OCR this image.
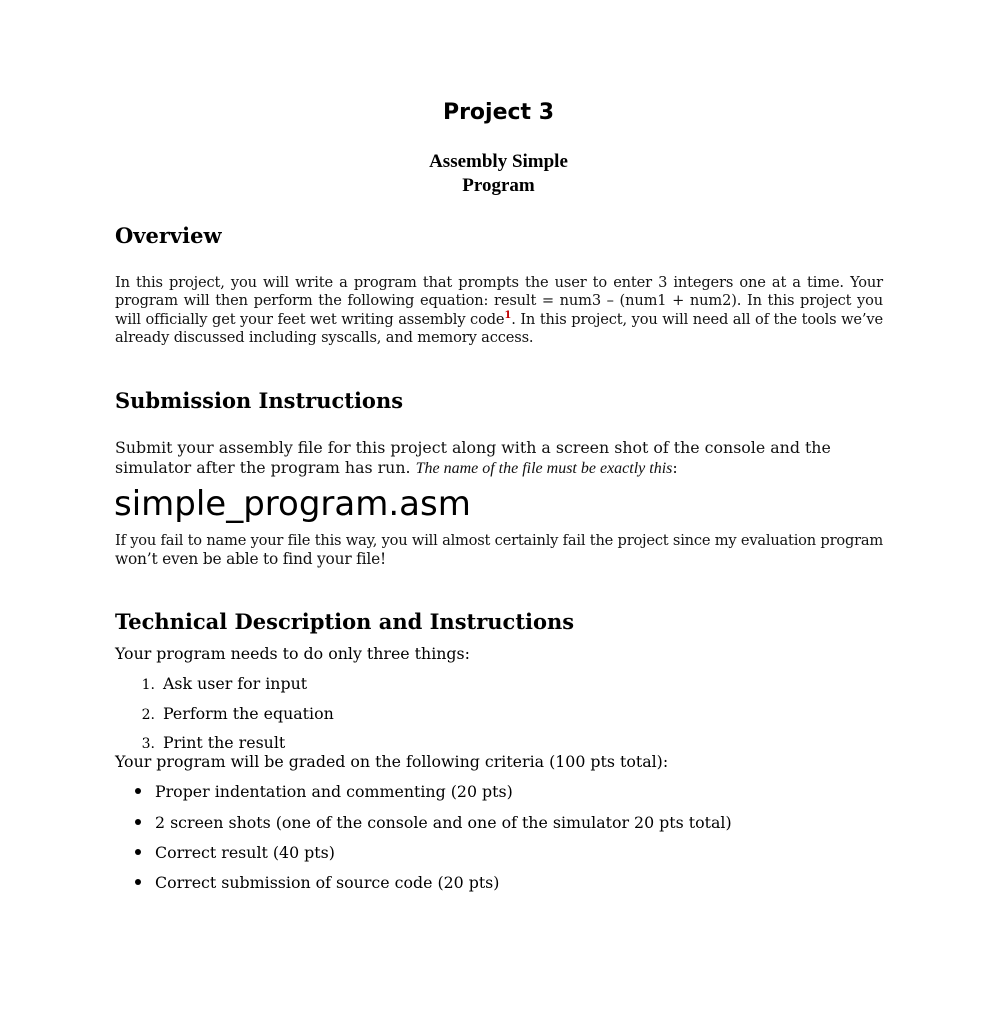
Project 3
Assembly Simple
Program
Overview
In this project, you will write a program that prompts the user to enter 3 integers one at a time. Your
program will then perform the following equation: result = num3 – (num1 + num2). In this project you
will officially get your feet wet writing assembly code$^1$. In this project, you will need all of the tools we’ve
already discussed including syscalls, and memory access.
Submission Instructions
Submit your assembly file for this project along with a screen shot of the console and the
simulator after the program has run. The name of the file must be exactly this:
simple_program.asm
If you fail to name your file this way, you will almost certainly fail the project since my evaluation program
won’t even be able to find your file!
Technical Description and Instructions
Your program needs to do only three things:
1. Ask user for input
2. Perform the equation
3. Print the result
Your program will be graded on the following criteria (100 pts total):
Proper indentation and commenting (20 pts)
2 screen shots (one of the console and one of the simulator 20 pts total)
Correct result (40 pts)
Correct submission of source code (20 pts)
